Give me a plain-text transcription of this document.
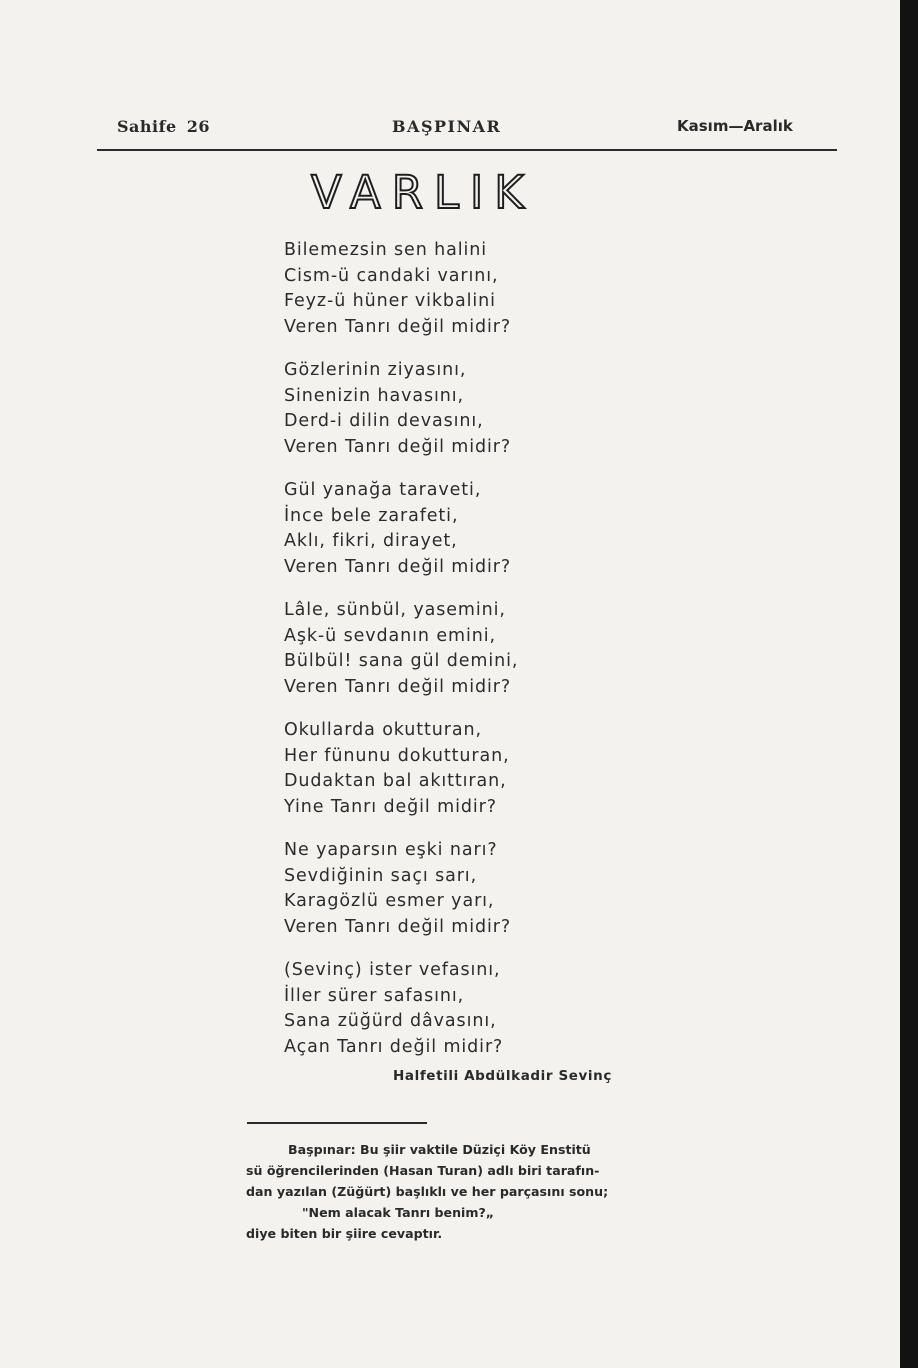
Sahife 26	BAŞPINAR	Kasım—Aralık
VARLIK
Bilemezsin sen halini
Cism-ü candaki varını,
Feyz-ü hüner vikbalini
Veren Tanrı değil midir?
Gözlerinin ziyasını,
Sinenizin havasını,
Derd-i dilin devasını,
Veren Tanrı değil midir?
Gül yanağa taraveti,
İnce bele zarafeti,
Aklı, fikri, dirayet,
Veren Tanrı değil midir?
Lâle, sünbül, yasemini,
Aşk-ü sevdanın emini,
Bülbül! sana gül demini,
Veren Tanrı değil midir?
Okullarda okutturan,
Her fünunu dokutturan,
Dudaktan bal akıttıran,
Yine Tanrı değil midir?
Ne yaparsın eşki narı?
Sevdiğinin saçı sarı,
Karagözlü esmer yarı,
Veren Tanrı değil midir?
(Sevinç) ister vefasını,
İller sürer safasını,
Sana züğürd dâvasını,
Açan Tanrı değil midir?
Halfetili Abdülkadir Sevinç
Başpınar: Bu şiir vaktile Düziçi Köy Enstitü
sü öğrencilerinden (Hasan Turan) adlı biri tarafın-
dan yazılan (Züğürt) başlıklı ve her parçasını sonu;
"Nem alacak Tanrı benim?„
diye biten bir şiire cevaptır.
